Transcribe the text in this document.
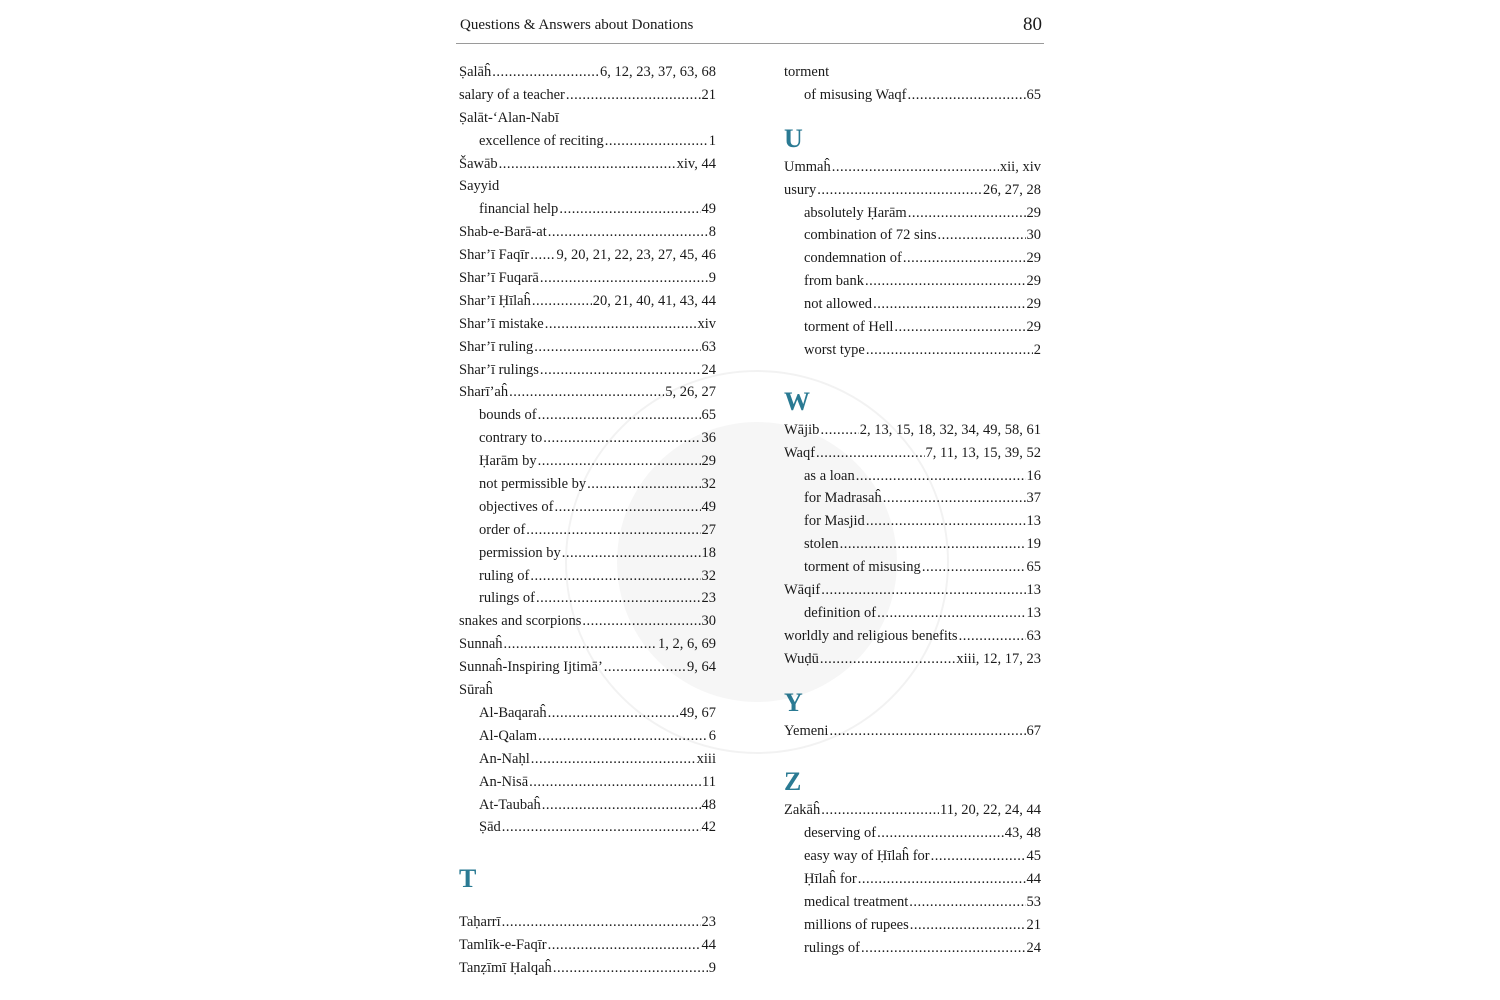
Questions & Answers about Donations	80
Ṣalāĥ .....	6, 12, 23, 37, 63, 68
salary of a teacher .....	21
Ṣalāt-‘Alan-Nabī
excellence of reciting .....	1
Šawāb .....	xiv, 44
Sayyid
financial help .....	49
Shab-e-Barā-at .....	8
Shar’ī Faqīr ..... 9, 20, 21, 22, 23, 27, 45, 46
Shar’ī Fuqarā .....	9
Shar’ī Ḥīlaĥ .....	20, 21, 40, 41, 43, 44
Shar’ī mistake .....	xiv
Shar’ī ruling .....	63
Shar’ī rulings .....	24
Sharī’aĥ .....	5, 26, 27
bounds of .....	65
contrary to .....	36
Ḥarām by .....	29
not permissible by .....	32
objectives of .....	49
order of .....	27
permission by .....	18
ruling of .....	32
rulings of .....	23
snakes and scorpions .....	30
Sunnaĥ .....	1, 2, 6, 69
Sunnaĥ-Inspiring Ijtimā’ .....	9, 64
Sūraĥ
Al-Baqaraĥ .....	49, 67
Al-Qalam .....	6
An-Naḥl .....	xiii
An-Nisā .....	11
At-Taubaĥ .....	48
Ṣād .....	42
T
Taḥarrī .....	23
Tamlīk-e-Faqīr .....	44
Tanẓīmī Ḥalqaĥ .....	9
torment
of misusing Waqf .....	65
U
Ummaĥ .....	xii, xiv
usury .....	26, 27, 28
absolutely Ḥarām .....	29
combination of 72 sins .....	30
condemnation of .....	29
from bank .....	29
not allowed .....	29
torment of Hell .....	29
worst type .....	2
W
Wājib .....	2, 13, 15, 18, 32, 34, 49, 58, 61
Waqf .....	7, 11, 13, 15, 39, 52
as a loan .....	16
for Madrasaĥ .....	37
for Masjid .....	13
stolen .....	19
torment of misusing .....	65
Wāqif .....	13
definition of .....	13
worldly and religious benefits .....	63
Wuḍū .....	xiii, 12, 17, 23
Y
Yemeni .....	67
Z
Zakāĥ .....	11, 20, 22, 24, 44
deserving of .....	43, 48
easy way of Ḥīlaĥ for .....	45
Ḥīlaĥ for .....	44
medical treatment .....	53
millions of rupees .....	21
rulings of .....	24
